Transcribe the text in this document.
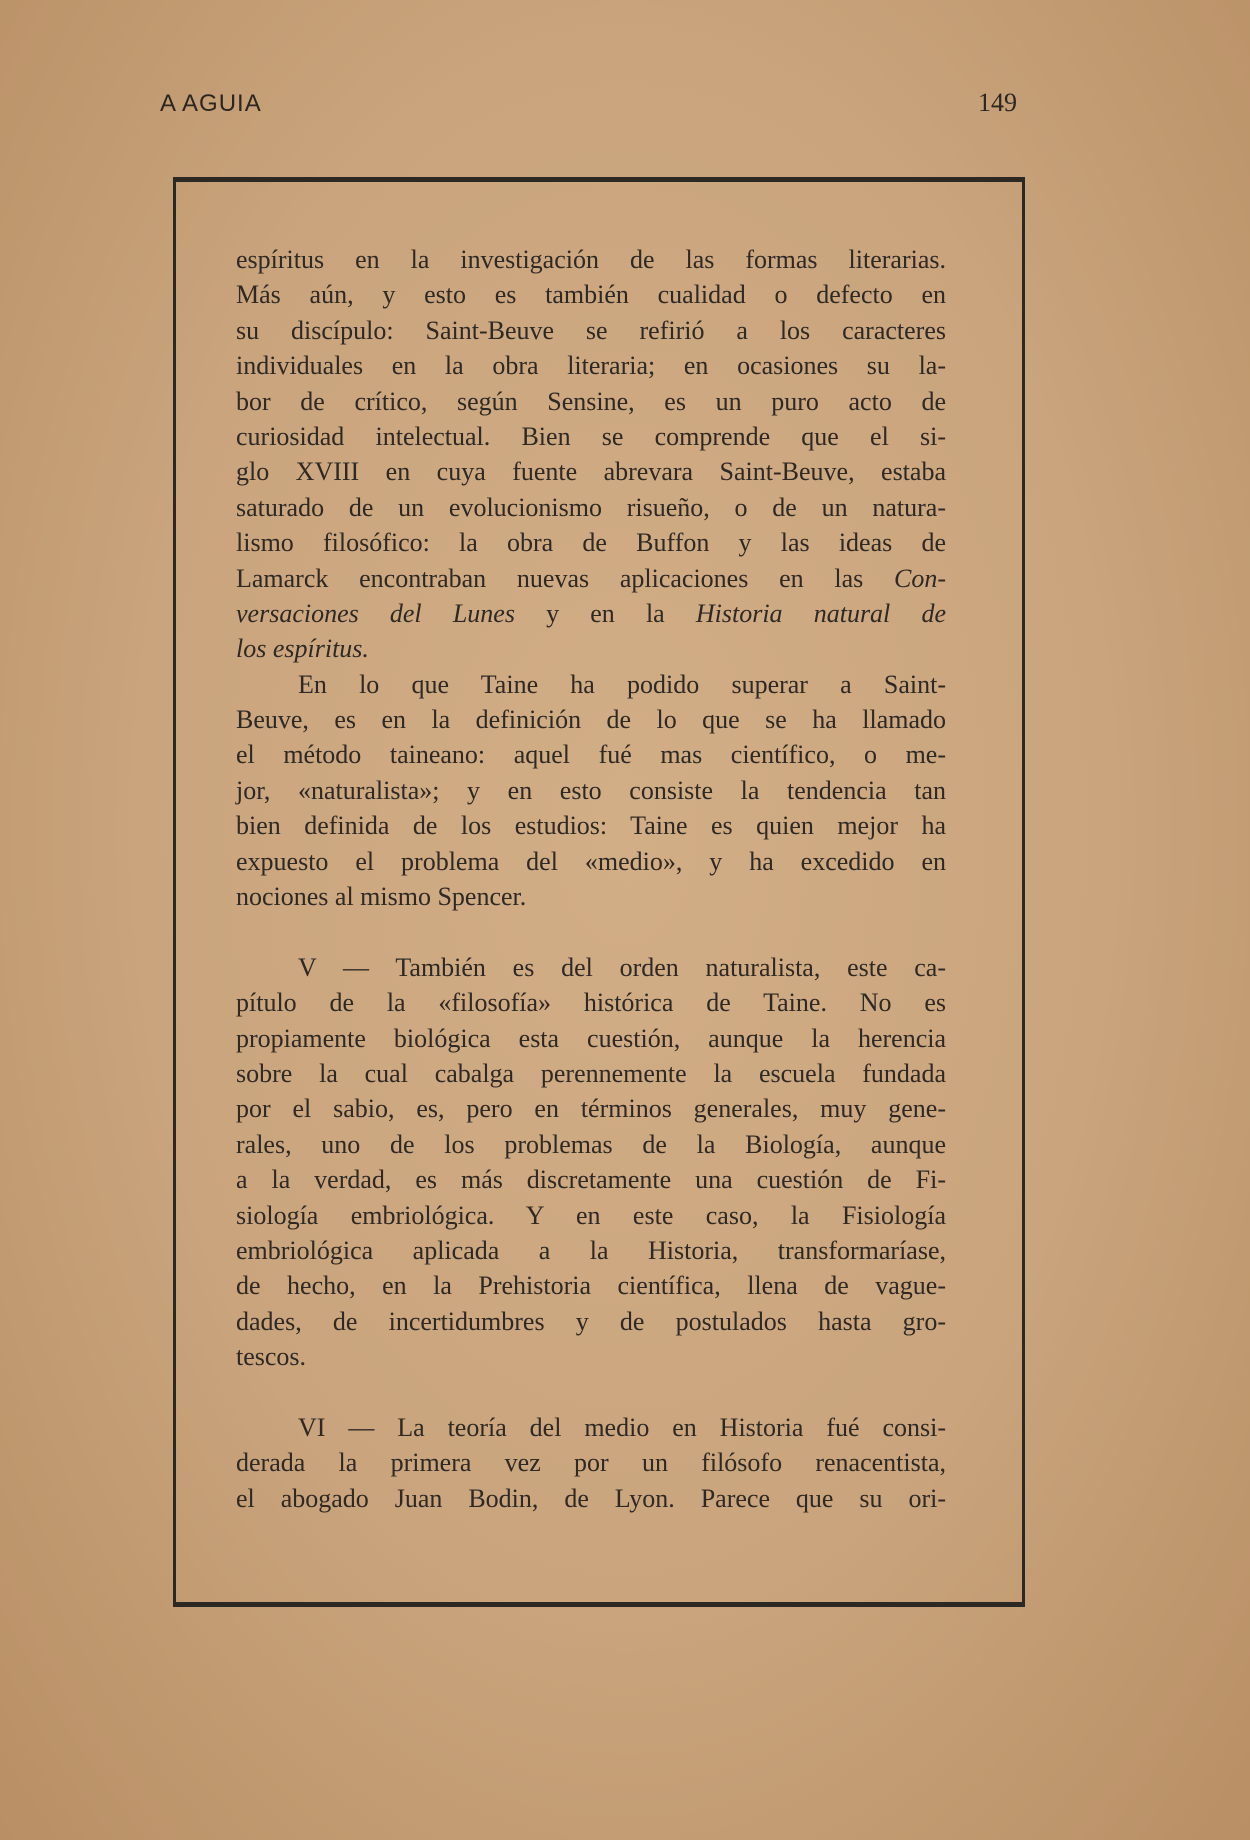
A AGUIA	149
espíritus en la investigación de las formas literarias.
Más aún, y esto es también cualidad o defecto en
su discípulo: Saint-Beuve se refirió a los caracteres
individuales en la obra literaria; en ocasiones su la-
bor de crítico, según Sensine, es un puro acto de
curiosidad intelectual. Bien se comprende que el si-
glo XVIII en cuya fuente abrevara Saint-Beuve, estaba
saturado de un evolucionismo risueño, o de un natura-
lismo filosófico: la obra de Buffon y las ideas de
Lamarck encontraban nuevas aplicaciones en las Con-
versaciones del Lunes y en la Historia natural de
los espíritus.
En lo que Taine ha podido superar a Saint-
Beuve, es en la definición de lo que se ha llamado
el método taineano: aquel fué mas científico, o me-
jor, «naturalista»; y en esto consiste la tendencia tan
bien definida de los estudios: Taine es quien mejor ha
expuesto el problema del «medio», y ha excedido en
nociones al mismo Spencer.
V — También es del orden naturalista, este ca-
pítulo de la «filosofía» histórica de Taine. No es
propiamente biológica esta cuestión, aunque la herencia
sobre la cual cabalga perennemente la escuela fundada
por el sabio, es, pero en términos generales, muy gene-
rales, uno de los problemas de la Biología, aunque
a la verdad, es más discretamente una cuestión de Fi-
siología embriológica. Y en este caso, la Fisiología
embriológica aplicada a la Historia, transformaríase,
de hecho, en la Prehistoria científica, llena de vague-
dades, de incertidumbres y de postulados hasta gro-
tescos.
VI — La teoría del medio en Historia fué consi-
derada la primera vez por un filósofo renacentista,
el abogado Juan Bodin, de Lyon. Parece que su ori-
